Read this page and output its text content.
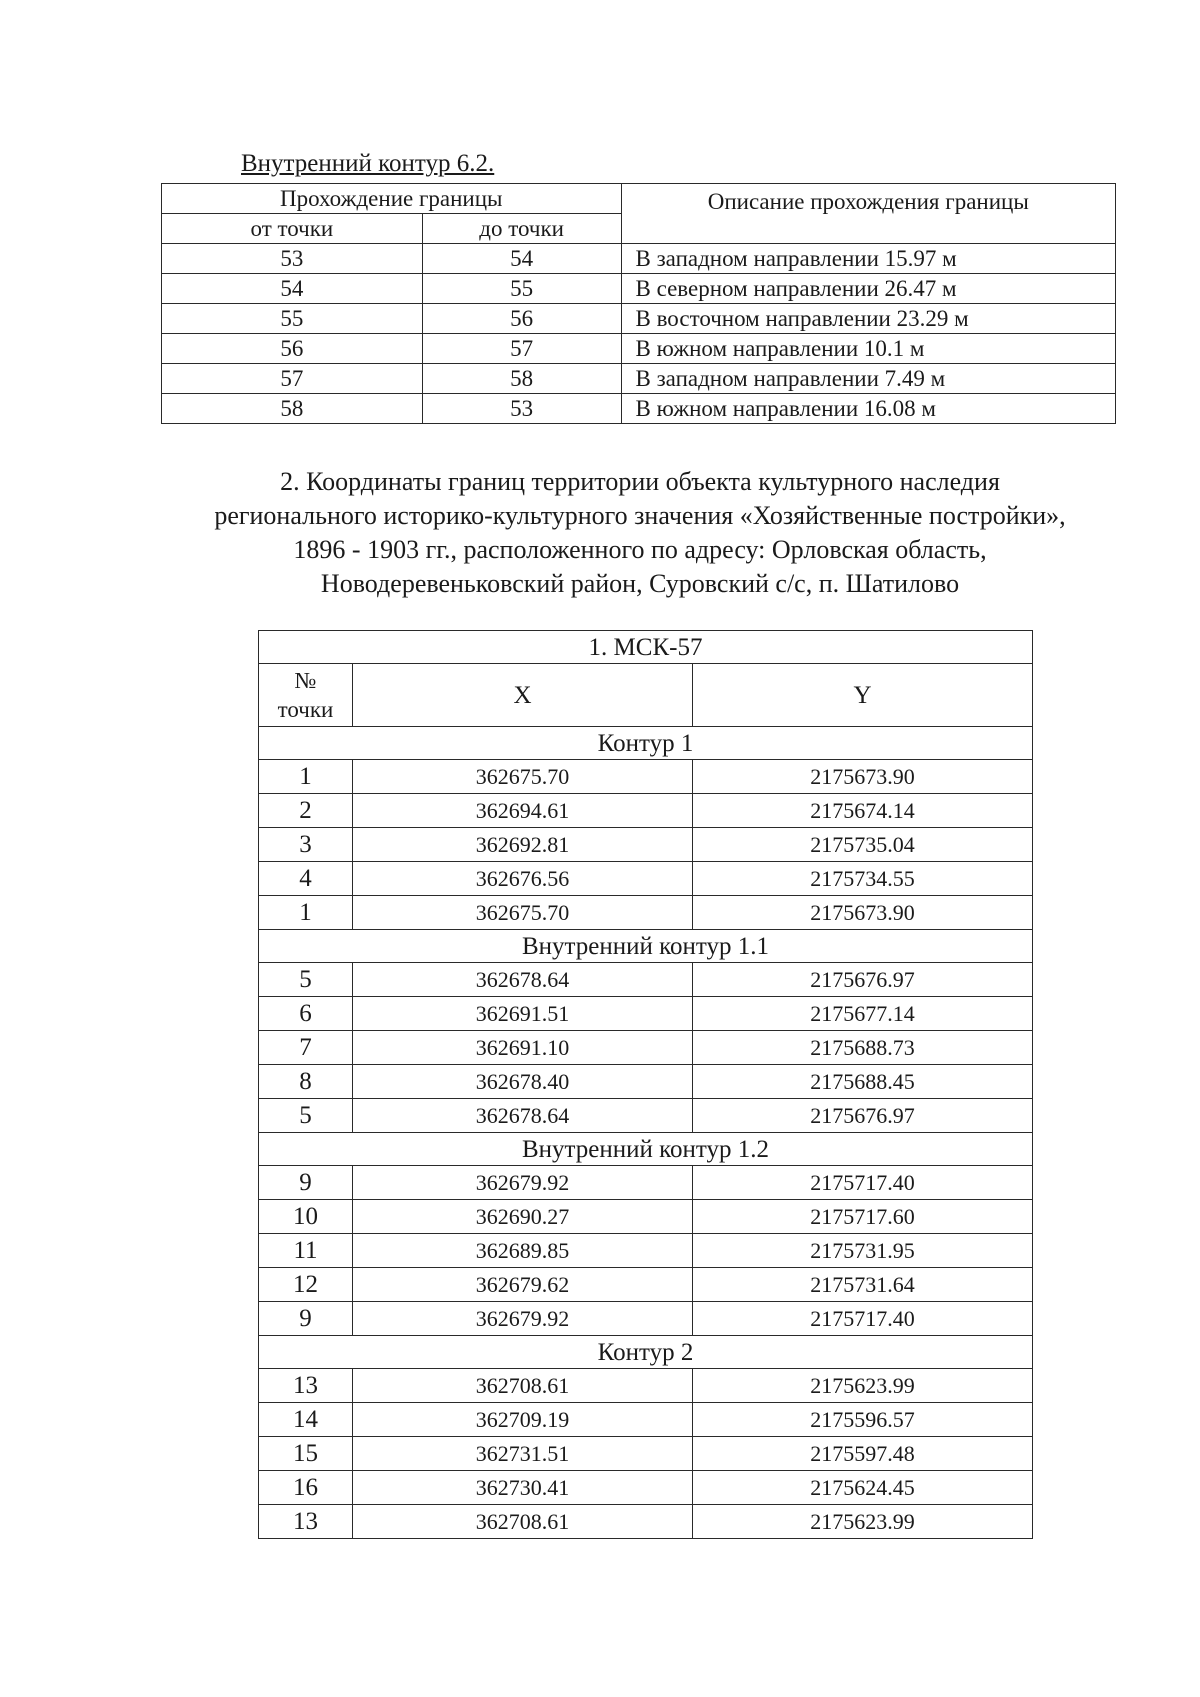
Внутренний контур 6.2.
Прохождение границы		Описание прохождения границы
от точки	до точки	
53	54	В западном направлении 15.97 м
54	55	В северном направлении 26.47 м
55	56	В восточном направлении 23.29 м
56	57	В южном направлении 10.1 м
57	58	В западном направлении 7.49 м
58	53	В южном направлении 16.08 м
2. Координаты границ территории объекта культурного наследия
регионального историко-культурного значения «Хозяйственные постройки»,
1896 - 1903 гг., расположенного по адресу: Орловская область,
Новодеревеньковский район, Суровский с/с, п. Шатилово
1. МСК-57		

№
точки	X	Y
Контур 1		
1	362675.70	2175673.90
2	362694.61	2175674.14
3	362692.81	2175735.04
4	362676.56	2175734.55
1	362675.70	2175673.90
Внутренний контур 1.1		
5	362678.64	2175676.97
6	362691.51	2175677.14
7	362691.10	2175688.73
8	362678.40	2175688.45
5	362678.64	2175676.97
Внутренний контур 1.2		
9	362679.92	2175717.40
10	362690.27	2175717.60
11	362689.85	2175731.95
12	362679.62	2175731.64
9	362679.92	2175717.40
Контур 2		
13	362708.61	2175623.99
14	362709.19	2175596.57
15	362731.51	2175597.48
16	362730.41	2175624.45
13	362708.61	2175623.99
